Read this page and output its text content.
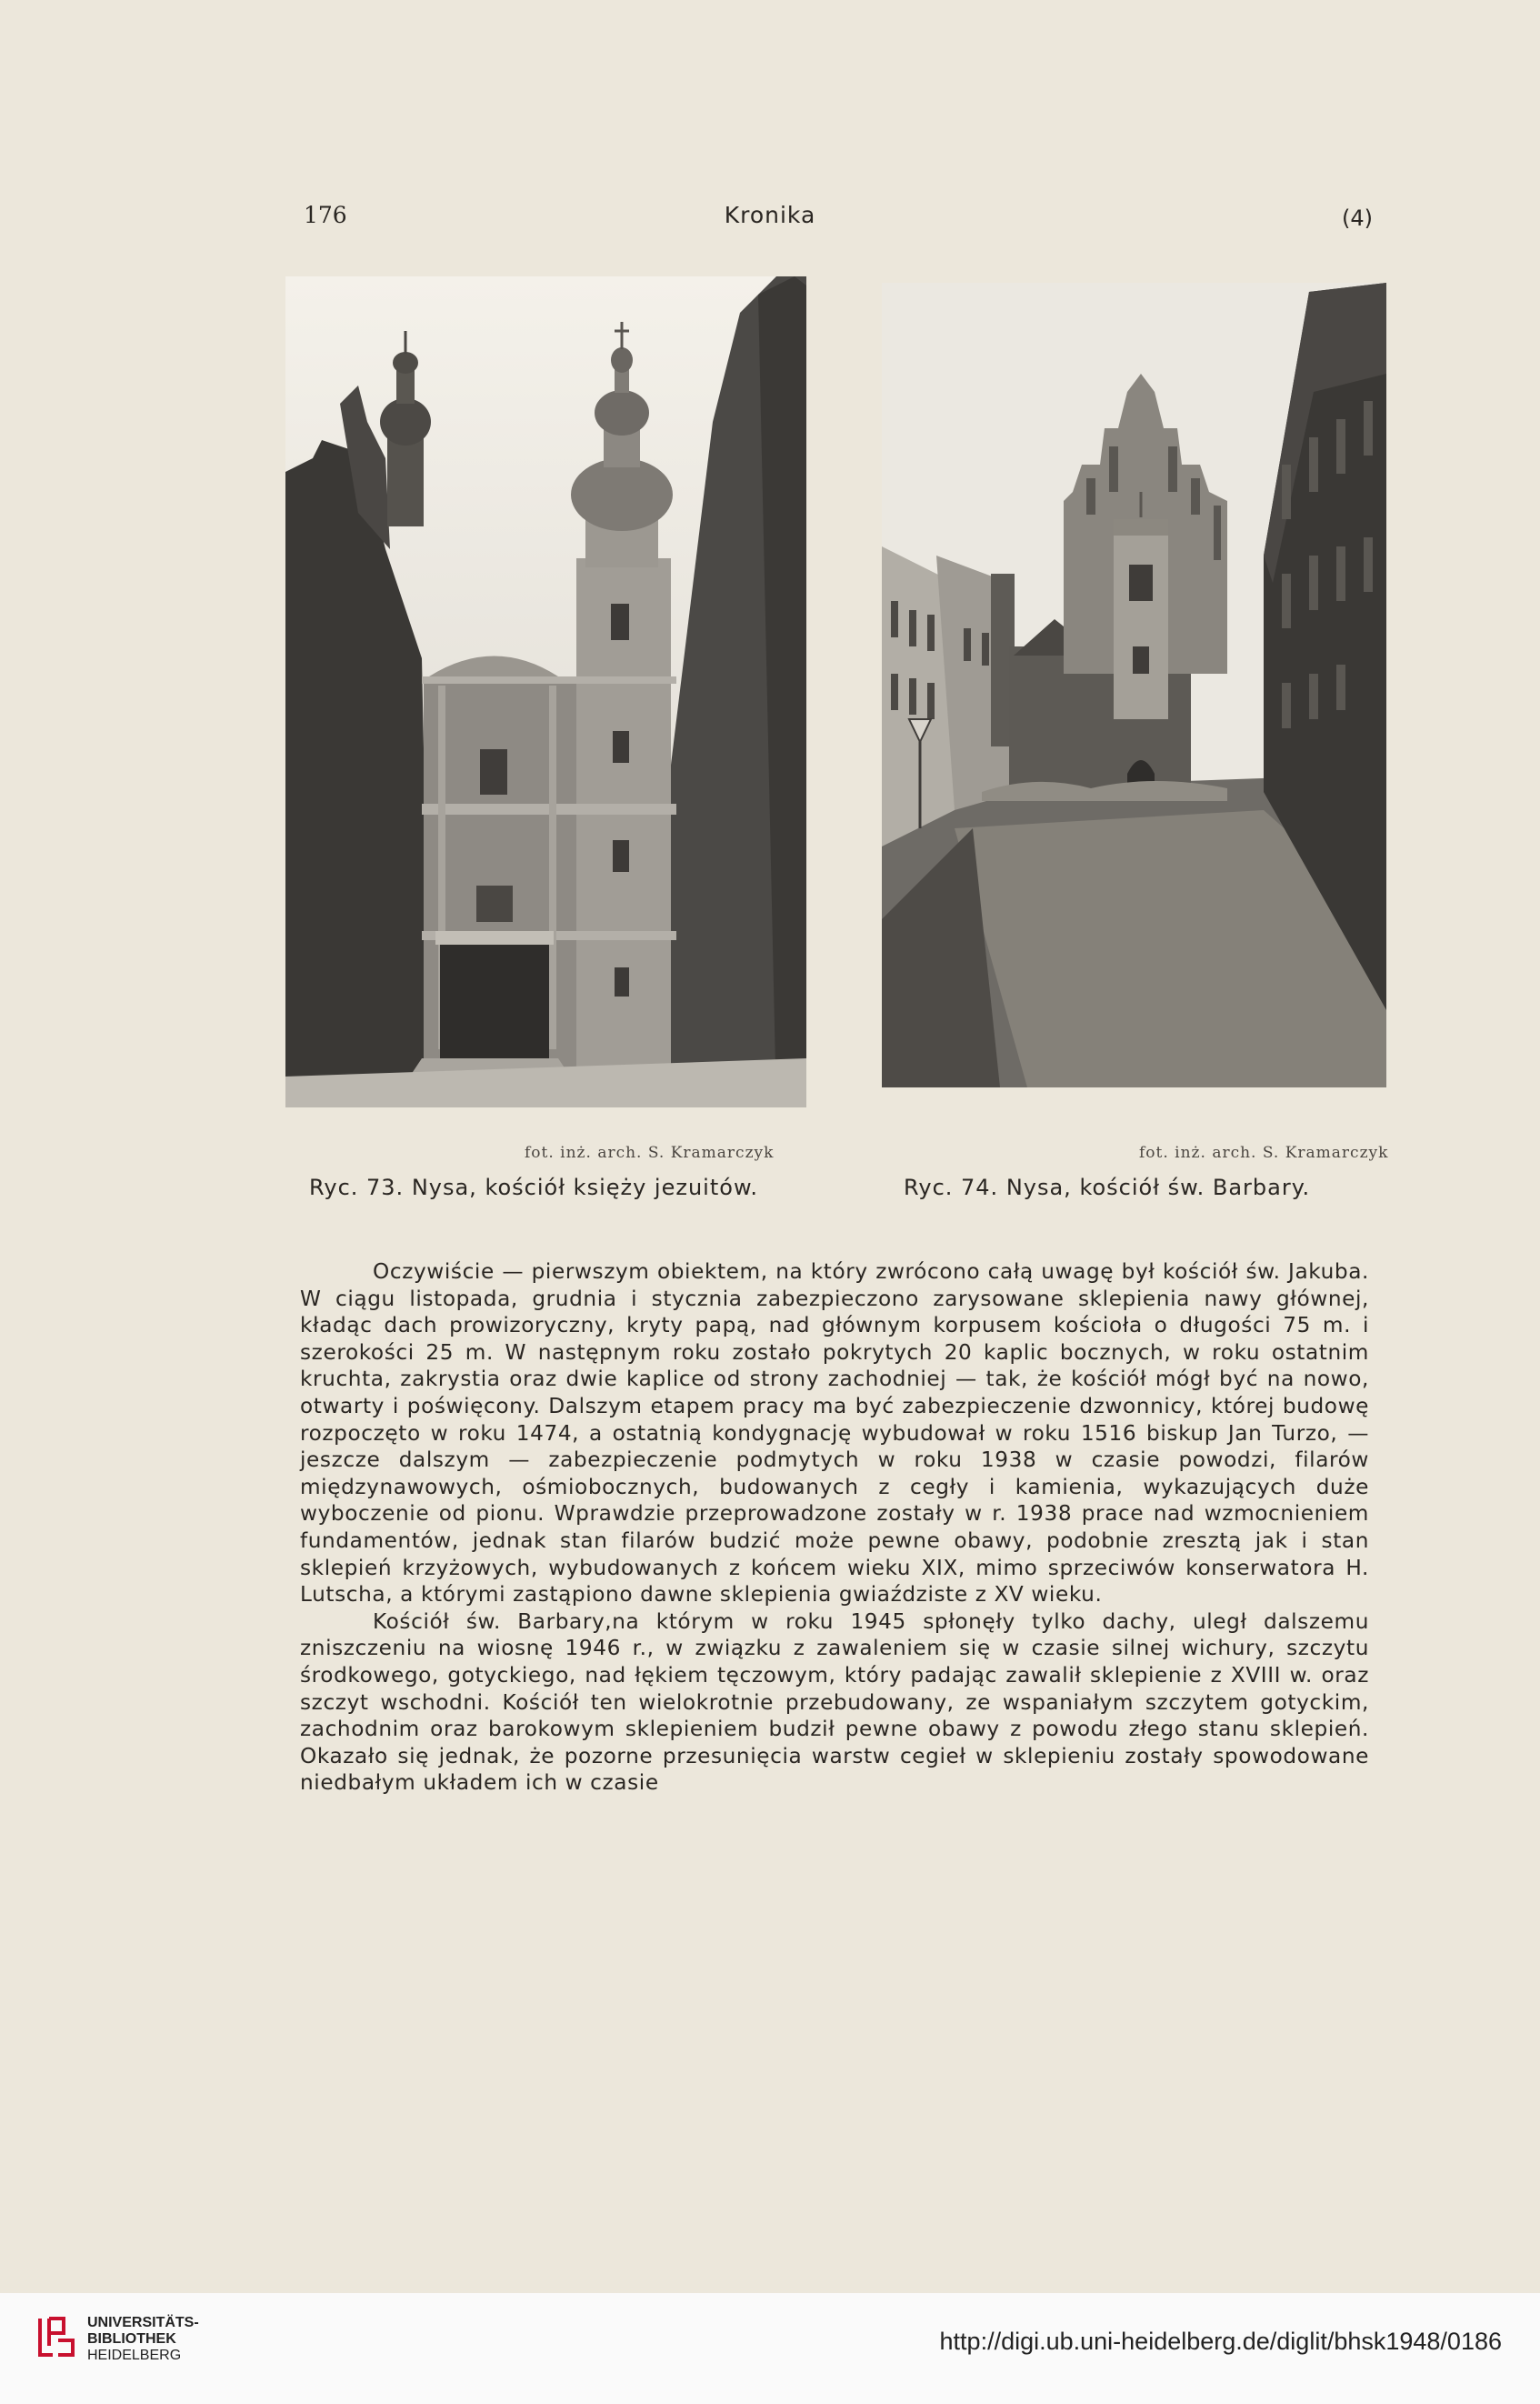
176	Kronika	(4)
fot. inż. arch. S. Kramarczyk	fot. inż. arch. S. Kramarczyk
Ryc. 73. Nysa, kościół księży jezuitów.	Ryc. 74. Nysa, kościół św. Barbary.

Oczywiście — pierwszym obiektem, na który zwrócono całą uwagę był kościół św. Jakuba. W ciągu listopada, grudnia i stycznia zabezpieczono zarysowane sklepienia nawy głównej, kładąc dach prowizoryczny, kryty papą, nad głównym korpusem kościoła o długości 75 m. i szerokości 25 m. W następnym roku zostało pokrytych 20 kaplic bocznych, w roku ostatnim kruchta, zakrystia oraz dwie kaplice od strony zachodniej — tak, że kościół mógł być na nowo, otwarty i poświęcony. Dalszym etapem pracy ma być zabezpieczenie dzwonnicy, której budowę rozpoczęto w roku 1474, a ostatnią kondygnację wybudował w roku 1516 biskup Jan Turzo, — jeszcze dalszym — zabezpieczenie podmytych w roku 1938 w czasie powodzi, filarów międzynawowych, ośmiobocznych, budowanych z cegły i kamienia, wykazujących duże wyboczenie od pionu. Wprawdzie przeprowadzone zostały w r. 1938 prace nad wzmocnieniem fundamentów, jednak stan filarów budzić może pewne obawy, podobnie zresztą jak i stan sklepień krzyżowych, wybudowanych z końcem wieku XIX, mimo sprzeciwów konserwatora H. Lutscha, a którymi zastąpiono dawne sklepienia gwiaździste z XV wieku.

Kościół św. Barbary,na którym w roku 1945 spłonęły tylko dachy, uległ dalszemu zniszczeniu na wiosnę 1946 r., w związku z zawaleniem się w czasie silnej wichury, szczytu środkowego, gotyckiego, nad łękiem tęczowym, który padając zawalił sklepienie z XVIII w. oraz szczyt wschodni. Kościół ten wielokrotnie przebudowany, ze wspaniałym szczytem gotyckim, zachodnim oraz barokowym sklepieniem budził pewne obawy z powodu złego stanu sklepień. Okazało się jednak, że pozorne przesunięcia warstw cegieł w sklepieniu zostały spowodowane niedbałym układem ich w czasie

UNIVERSITÄTS-
BIBLIOTHEK
HEIDELBERG
http://digi.ub.uni-heidelberg.de/diglit/bhsk1948/0186
